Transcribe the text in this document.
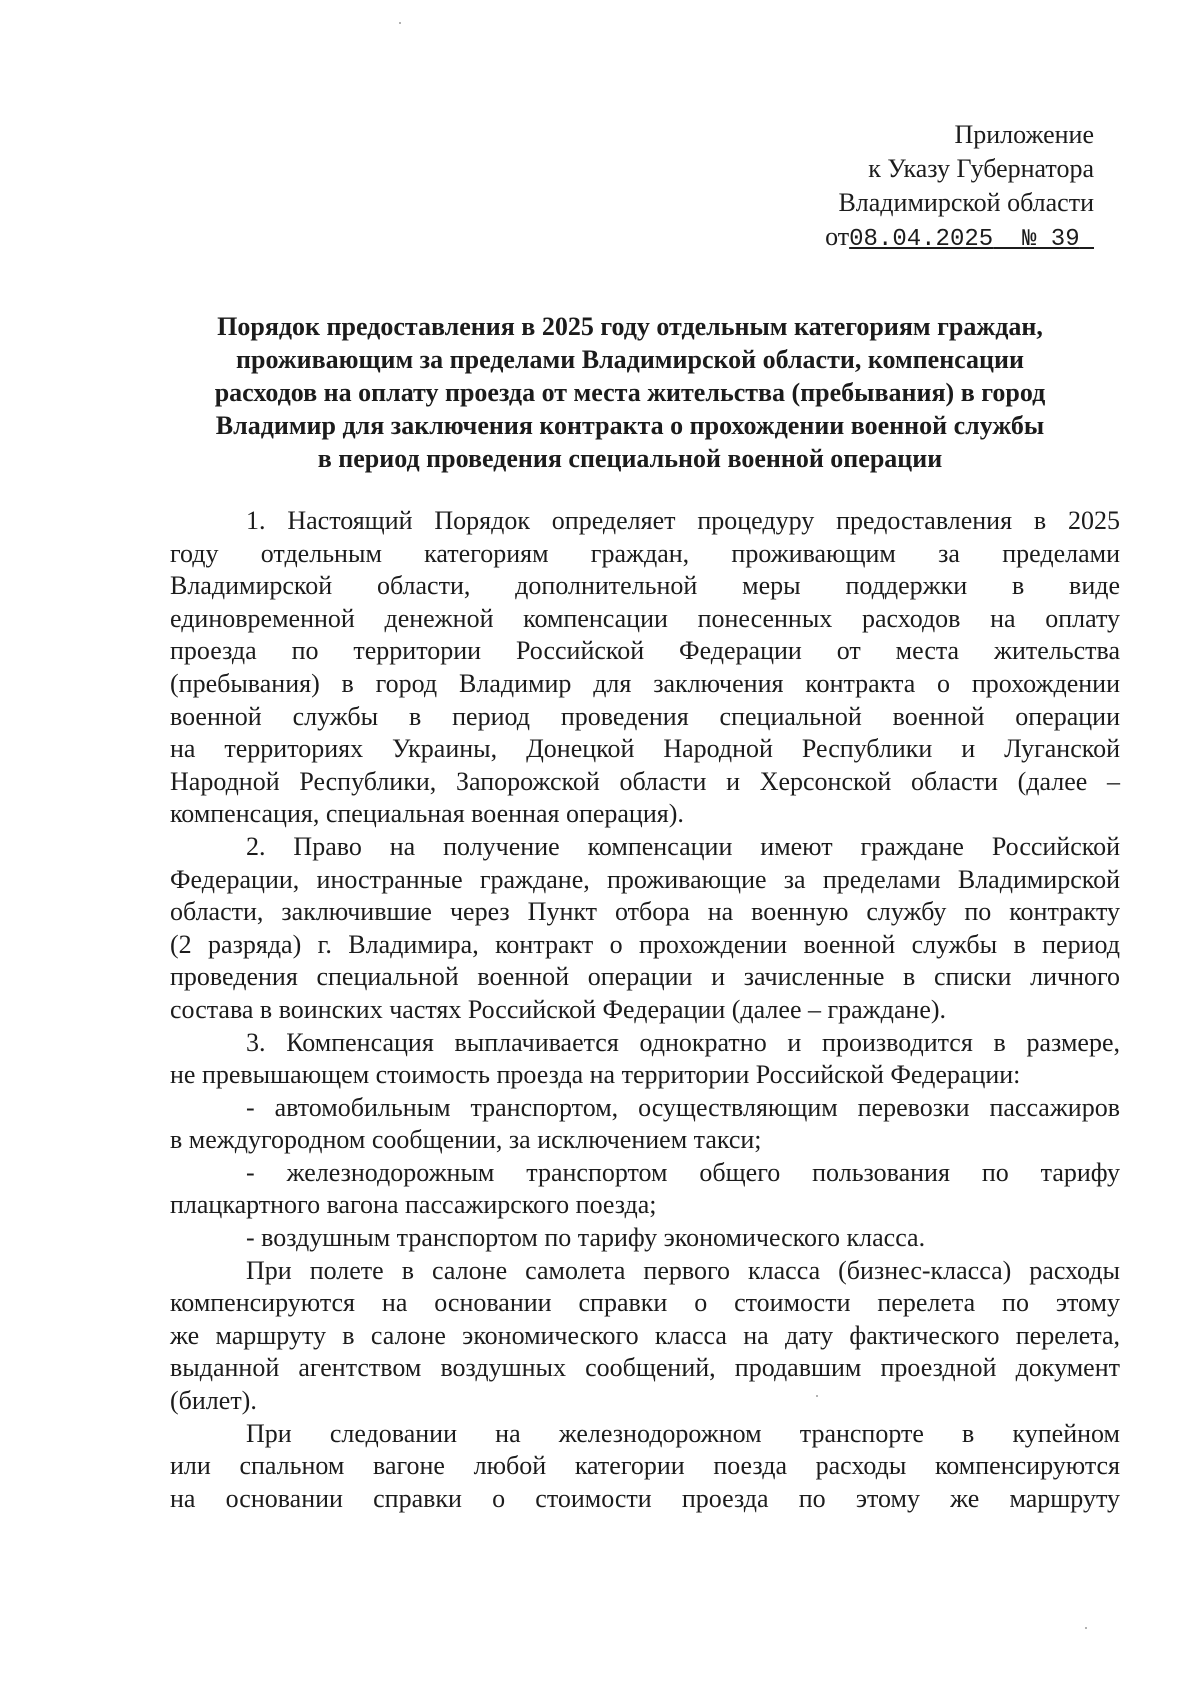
Приложение
к Указу Губернатора
Владимирской области
от08.04.2025 № 39
Порядок предоставления в 2025 году отдельным категориям граждан,
проживающим за пределами Владимирской области, компенсации
расходов на оплату проезда от места жительства (пребывания) в город
Владимир для заключения контракта о прохождении военной службы
в период проведения специальной военной операции
1. Настоящий Порядок определяет процедуру предоставления в 2025
году отдельным категориям граждан, проживающим за пределами
Владимирской области, дополнительной меры поддержки в виде
единовременной денежной компенсации понесенных расходов на оплату
проезда по территории Российской Федерации от места жительства
(пребывания) в город Владимир для заключения контракта о прохождении
военной службы в период проведения специальной военной операции
на территориях Украины, Донецкой Народной Республики и Луганской
Народной Республики, Запорожской области и Херсонской области (далее –
компенсация, специальная военная операция).
2. Право на получение компенсации имеют граждане Российской
Федерации, иностранные граждане, проживающие за пределами Владимирской
области, заключившие через Пункт отбора на военную службу по контракту
(2 разряда) г. Владимира, контракт о прохождении военной службы в период
проведения специальной военной операции и зачисленные в списки личного
состава в воинских частях Российской Федерации (далее – граждане).
3. Компенсация выплачивается однократно и производится в размере,
не превышающем стоимость проезда на территории Российской Федерации:
- автомобильным транспортом, осуществляющим перевозки пассажиров
в междугородном сообщении, за исключением такси;
- железнодорожным транспортом общего пользования по тарифу
плацкартного вагона пассажирского поезда;
- воздушным транспортом по тарифу экономического класса.
При полете в салоне самолета первого класса (бизнес-класса) расходы
компенсируются на основании справки о стоимости перелета по этому
же маршруту в салоне экономического класса на дату фактического перелета,
выданной агентством воздушных сообщений, продавшим проездной документ
(билет).
При следовании на железнодорожном транспорте в купейном
или спальном вагоне любой категории поезда расходы компенсируются
на основании справки о стоимости проезда по этому же маршруту
